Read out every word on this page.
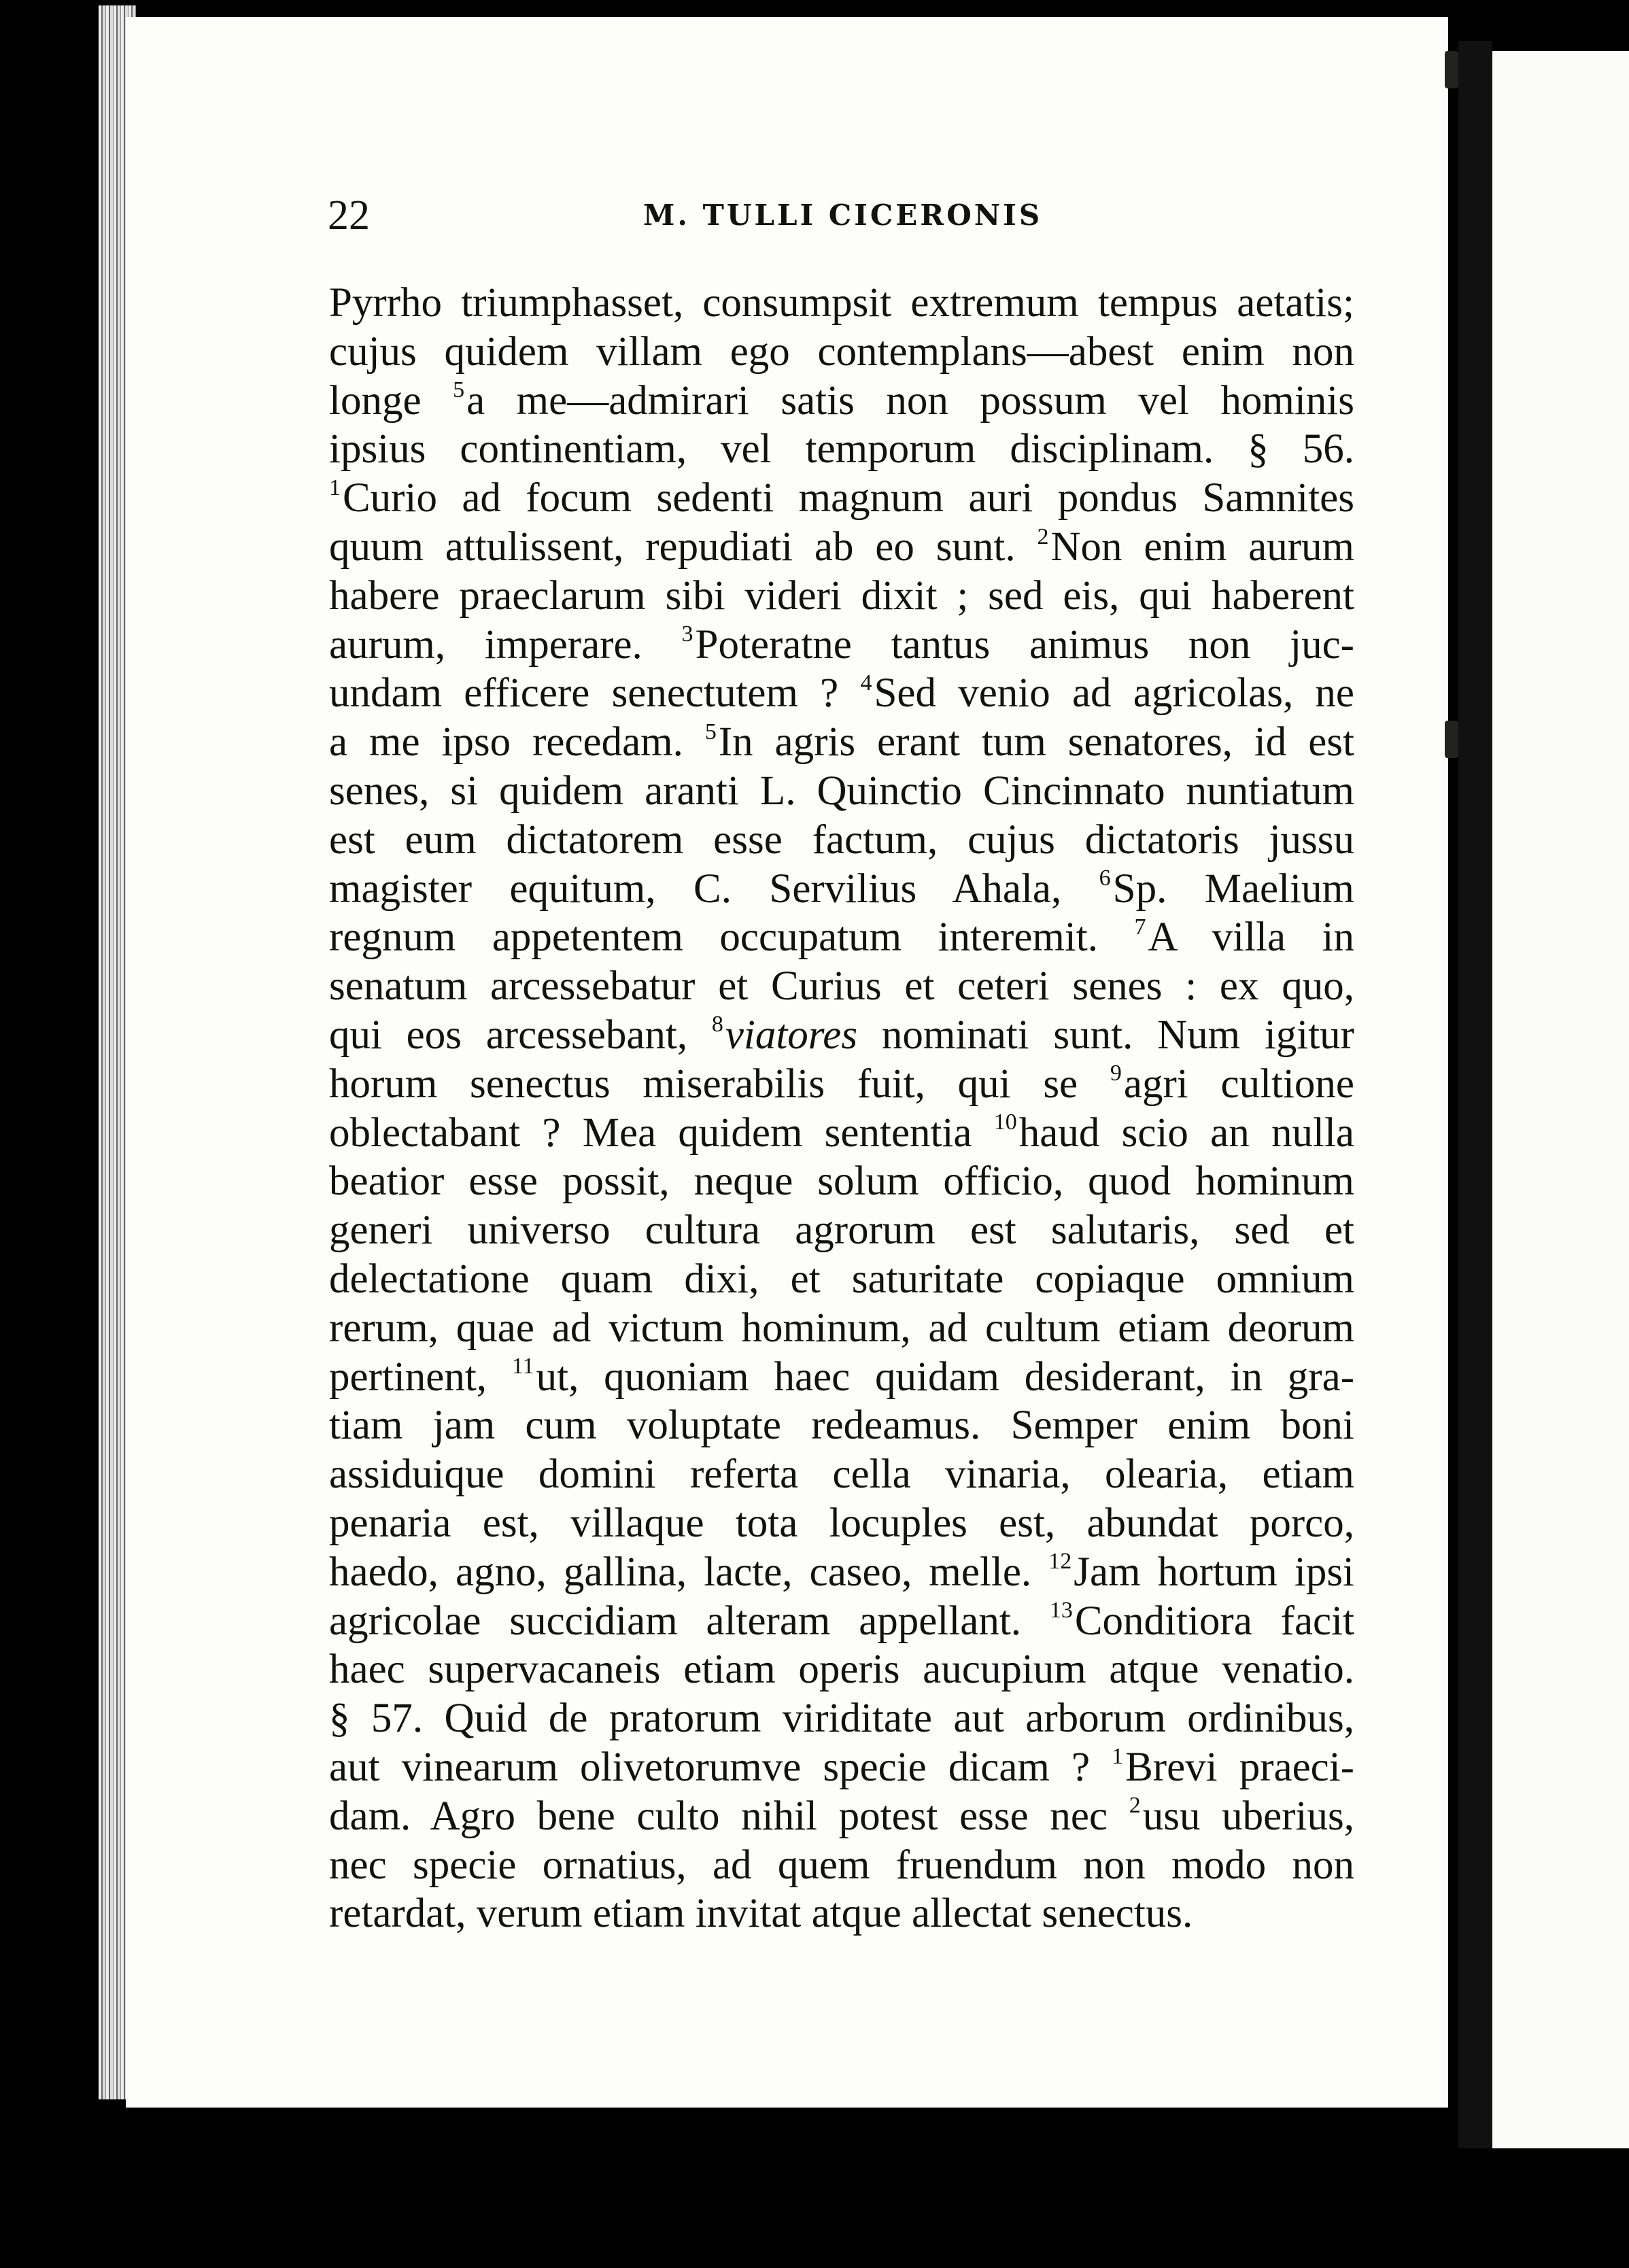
22	M. TULLI CICERONIS
Pyrrho triumphasset, consumpsit extremum tempus aetatis;
cujus quidem villam ego contemplans—abest enim non
longe $^5$a me—admirari satis non possum vel hominis
ipsius continentiam, vel temporum disciplinam. § 56.
$^1$Curio ad focum sedenti magnum auri pondus Samnites
quum attulissent, repudiati ab eo sunt. $^2$Non enim aurum
habere praeclarum sibi videri dixit ; sed eis, qui haberent
aurum, imperare. $^3$Poteratne tantus animus non juc-
undam efficere senectutem ? $^4$Sed venio ad agricolas, ne
a me ipso recedam. $^5$In agris erant tum senatores, id est
senes, si quidem aranti L. Quinctio Cincinnato nuntiatum
est eum dictatorem esse factum, cujus dictatoris jussu
magister equitum, C. Servilius Ahala, $^6$Sp. Maelium
regnum appetentem occupatum interemit. $^7$A villa in
senatum arcessebatur et Curius et ceteri senes : ex quo,
qui eos arcessebant, $^8$viatores nominati sunt. Num igitur
horum senectus miserabilis fuit, qui se $^9$agri cultione
oblectabant ? Mea quidem sententia $^{10}$haud scio an nulla
beatior esse possit, neque solum officio, quod hominum
generi universo cultura agrorum est salutaris, sed et
delectatione quam dixi, et saturitate copiaque omnium
rerum, quae ad victum hominum, ad cultum etiam deorum
pertinent, $^{11}$ut, quoniam haec quidam desiderant, in gra-
tiam jam cum voluptate redeamus. Semper enim boni
assiduique domini referta cella vinaria, olearia, etiam
penaria est, villaque tota locuples est, abundat porco,
haedo, agno, gallina, lacte, caseo, melle. $^{12}$Jam hortum ipsi
agricolae succidiam alteram appellant. $^{13}$Conditiora facit
haec supervacaneis etiam operis aucupium atque venatio.
§ 57. Quid de pratorum viriditate aut arborum ordinibus,
aut vinearum olivetorumve specie dicam ? $^1$Brevi praeci-
dam. Agro bene culto nihil potest esse nec $^2$usu uberius,
nec specie ornatius, ad quem fruendum non modo non
retardat, verum etiam invitat atque allectat senectus.
